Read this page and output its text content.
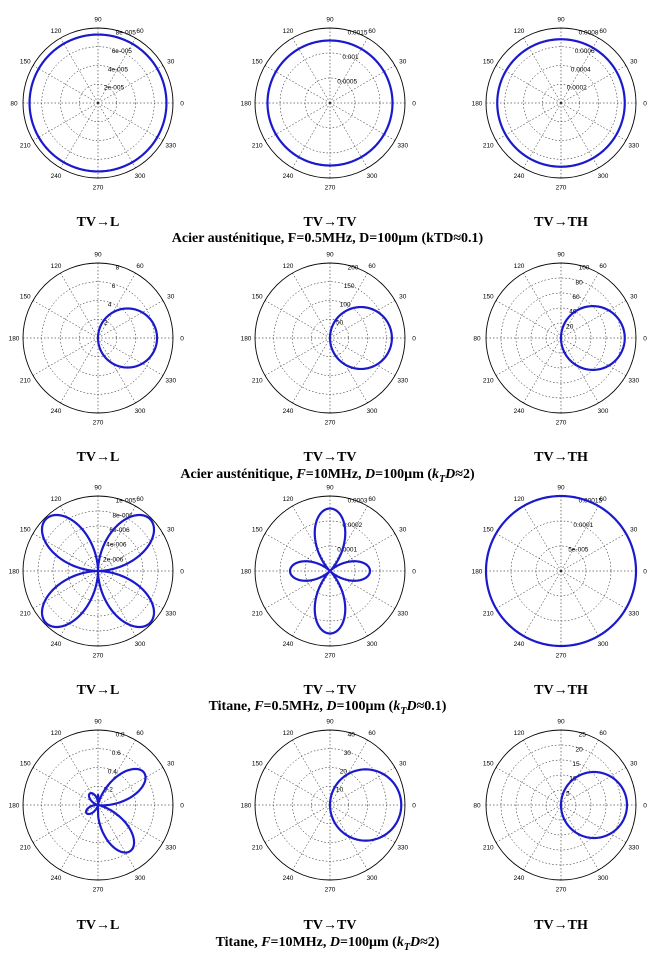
0
30
60
90
120
150
80
210
240
270
300
330
2e-005
4e-005
6e-005
8e-005
TV→L
0
30
60
90
120
150
180
210
240
270
300
330
0.0005
0.001
0.0015
TV→TV
0
30
60
90
120
150
180
210
240
270
300
330
0.0002
0.0004
0.0006
0.0008
TV→TH
Acier austénitique, F=0.5MHz, D=100µm (kTD≈0.1)
0
30
60
90
120
150
180
210
240
270
300
330
2
4
6
8
TV→L
0
30
60
90
120
150
180
210
240
270
300
330
50
100
150
200
TV→TV
0
30
60
90
120
150
80
210
240
270
300
330
20
40
60
80
100
TV→TH
Acier austénitique, F=10MHz, D=100µm $(k_TD\approx 2)$
0
30
60
90
120
150
180
210
240
270
300
330
2e-006
4e-006
6e-006
8e-006
1e-005
TV→L
0
30
60
90
120
150
180
210
240
270
300
330
0.0001
0.0002
0.0003
TV→TV
0
30
60
90
120
150
180
210
240
270
300
330
5e-005
0.0001
0.00015
TV→TH
Titane, F=0.5MHz, D=100µm $(k_TD\approx 0.1)$
0
30
60
90
120
150
180
210
240
270
300
330
0.2
0.4
0.6
0.8
TV→L
0
30
60
90
120
150
180
210
240
270
300
330
10
20
30
40
TV→TV
0
30
60
90
120
150
80
210
240
270
300
330
5
10
15
20
25
TV→TH
Titane, F=10MHz, D=100µm $(k_TD\approx 2)$
